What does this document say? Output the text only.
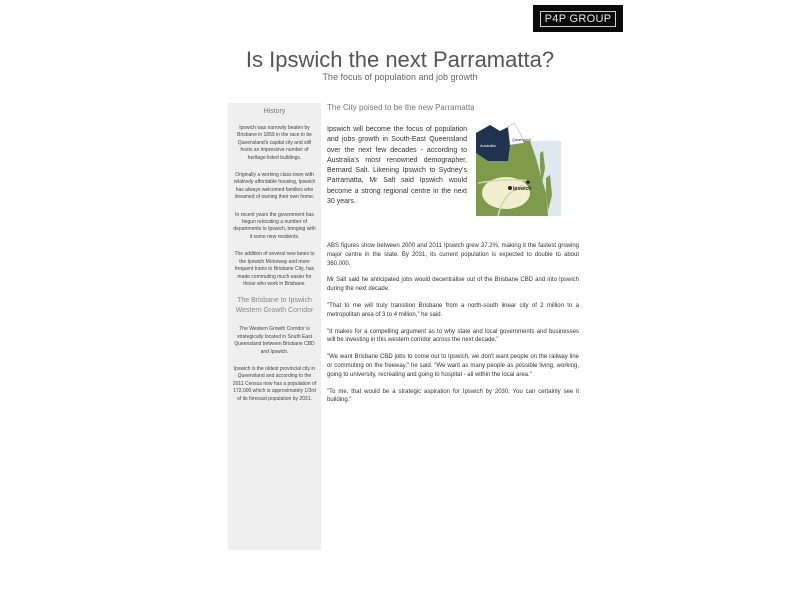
P4P GROUP
Is Ipswich the next Parramatta?
The focus of population and job growth
History

Ipswich was narrowly beaten by Brisbane in 1859 in the race to be Queensland's capital city and still hosts an impressive number of heritage listed buildings.

Originally a working class town with relatively affordable housing, Ipswich has always welcomed families who dreamed of owning their own home.

In recent years the government has begun relocating a number of departments to Ipswich, bringing with it some new residents.

The addition of several new lanes to the Ipswich Motorway and more frequent trains to Brisbane City, has made commuting much easier for those who work in Brisbane.

The Brisbane to Ipswich Western Growth Corridor

The Western Growth Corridor is strategically located in South East Queensland between Brisbane CBD and Ipswich.

Ipswich is the oldest provincial city in Queensland and according to the 2011 Census now has a population of 172,000 which is approximately 1/3rd of its forecast population by 2031.

The City poised to be the new Parramatta
Ipswich will become the focus of population and jobs growth in South-East Queensland over the next few decades - according to Australia's most renowned demographer, Bernard Salt. Likening Ipswich to Sydney's Parramatta, Mr Salt said Ipswich would become a strong regional centre in the next 30 years.
Australia
Queensland
Ipswich

ABS figures show between 2000 and 2011 Ipswich grew 37.2%, making it the fastest growing major centre in the state. By 2031, its current population is expected to double to about 360,000.

Mr Salt said he anticipated jobs would decentralise out of the Brisbane CBD and into Ipswich during the next decade.

"That to me will truly transition Brisbane from a north-south linear city of 2 million to a metropolitan area of 3 to 4 million," he said.

"It makes for a compelling argument as to why state and local governments and businesses will be investing in this western corridor across the next decade."

"We want Brisbane CBD jobs to come out to Ipswich, we don't want people on the railway line or commuting on the freeway," he said. "We want as many people as possible living, working, going to university, recreating and going to hospital - all within the local area."

"To me, that would be a strategic aspiration for Ipswich by 2030. You can certainly see it building."
